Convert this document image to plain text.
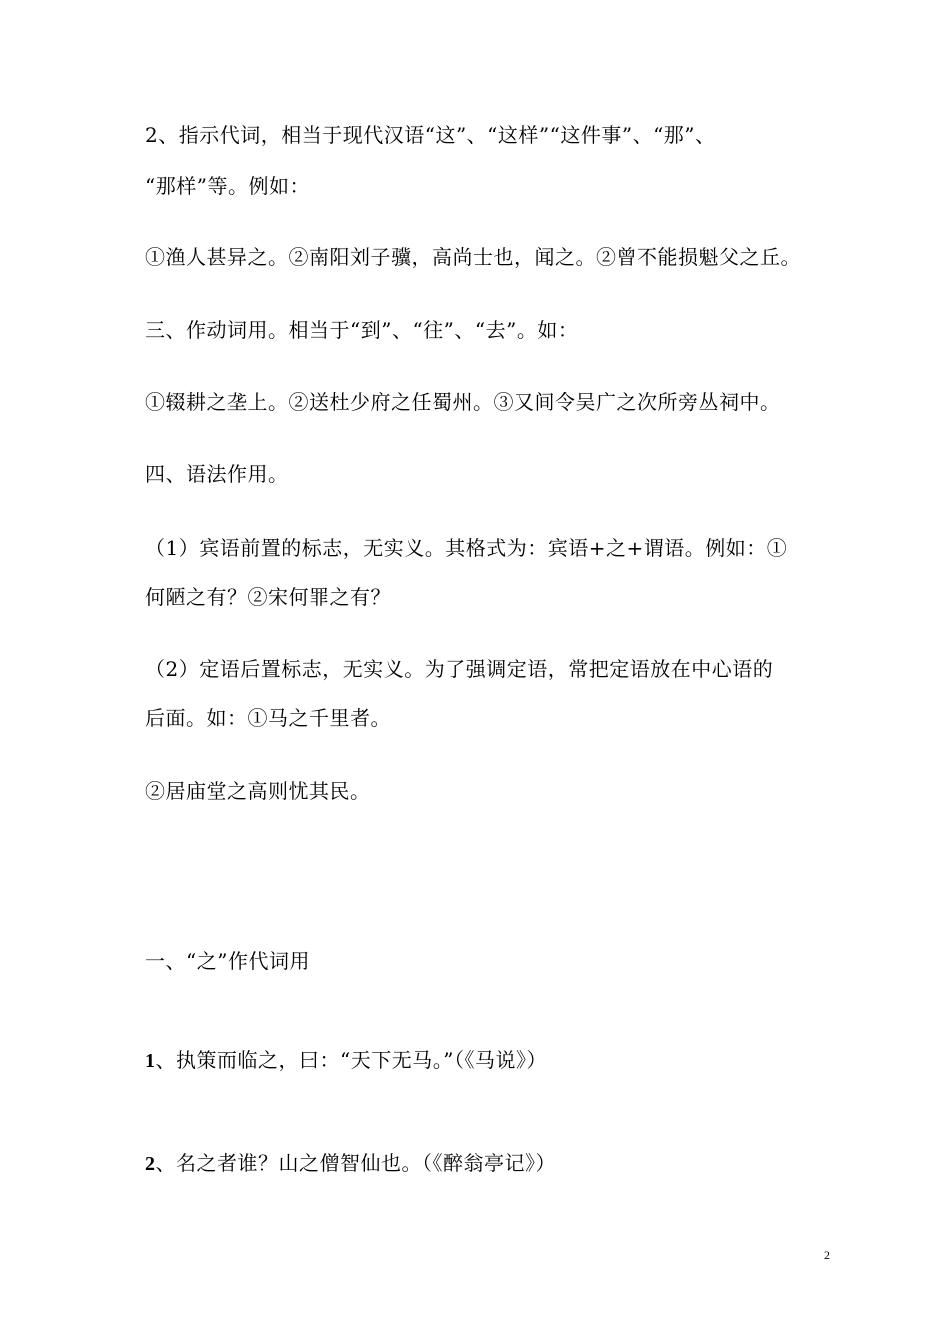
2、指示代词，相当于现代汉语“这”、“这样”“这件事”、“那”、

“那样”等。例如：

①渔人甚异之。②南阳刘子骥，高尚士也，闻之。②曾不能损魁父之丘。

三、作动词用。相当于“到”、“往”、“去”。如：

①辍耕之垄上。②送杜少府之任蜀州。③又间令吴广之次所旁丛祠中。

四、语法作用。

（1）宾语前置的标志，无实义。其格式为：宾语+之+谓语。例如：①

何陋之有？②宋何罪之有？

（2）定语后置标志，无实义。为了强调定语，常把定语放在中心语的

后面。如：①马之千里者。

②居庙堂之高则忧其民。

一、“之”作代词用

1、执策而临之，曰：“天下无马。”（《马说》）

2、名之者谁？山之僧智仙也。（《醉翁亭记》）

2
